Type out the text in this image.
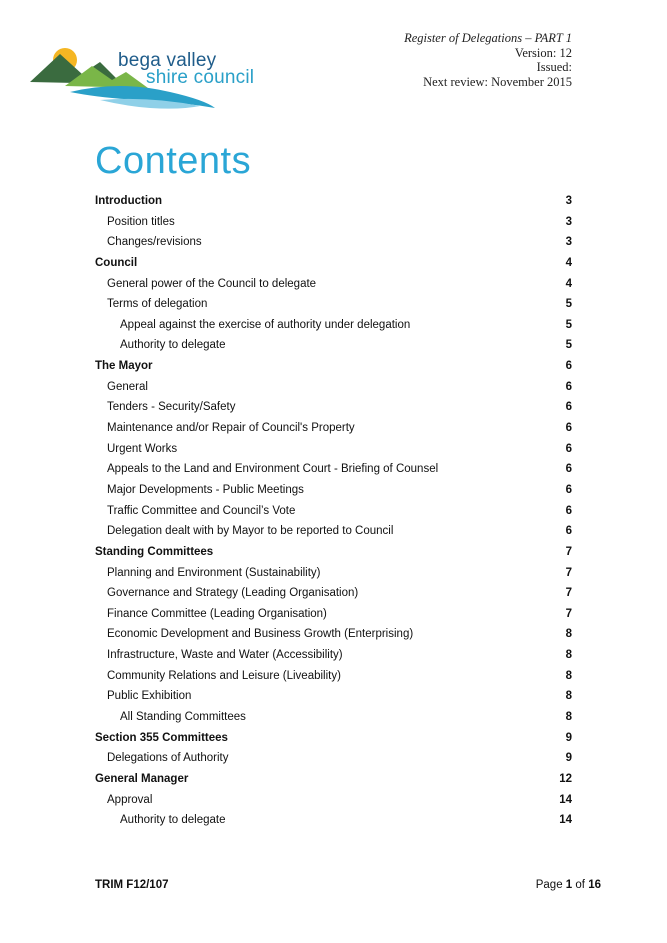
bega valley
shire council
Register of Delegations – PART 1
Version: 12
Issued:
Next review: November 2015
Contents
Introduction	3
Position titles	3
Changes/revisions	3
Council	4
General power of the Council to delegate	4
Terms of delegation	5
Appeal against the exercise of authority under delegation	5
Authority to delegate	5
The Mayor	6
General	6
Tenders - Security/Safety	6
Maintenance and/or Repair of Council's Property	6
Urgent Works	6
Appeals to the Land and Environment Court - Briefing of Counsel	6
Major Developments - Public Meetings	6
Traffic Committee and Council’s Vote	6
Delegation dealt with by Mayor to be reported to Council	6
Standing Committees	7
Planning and Environment (Sustainability)	7
Governance and Strategy (Leading Organisation)	7
Finance Committee (Leading Organisation)	7
Economic Development and Business Growth (Enterprising)	8
Infrastructure, Waste and Water (Accessibility)	8
Community Relations and Leisure (Liveability)	8
Public Exhibition	8
All Standing Committees	8
Section 355 Committees	9
Delegations of Authority	9
General Manager	12
Approval	14
Authority to delegate	14
TRIM F12/107	Page 1 of 16
